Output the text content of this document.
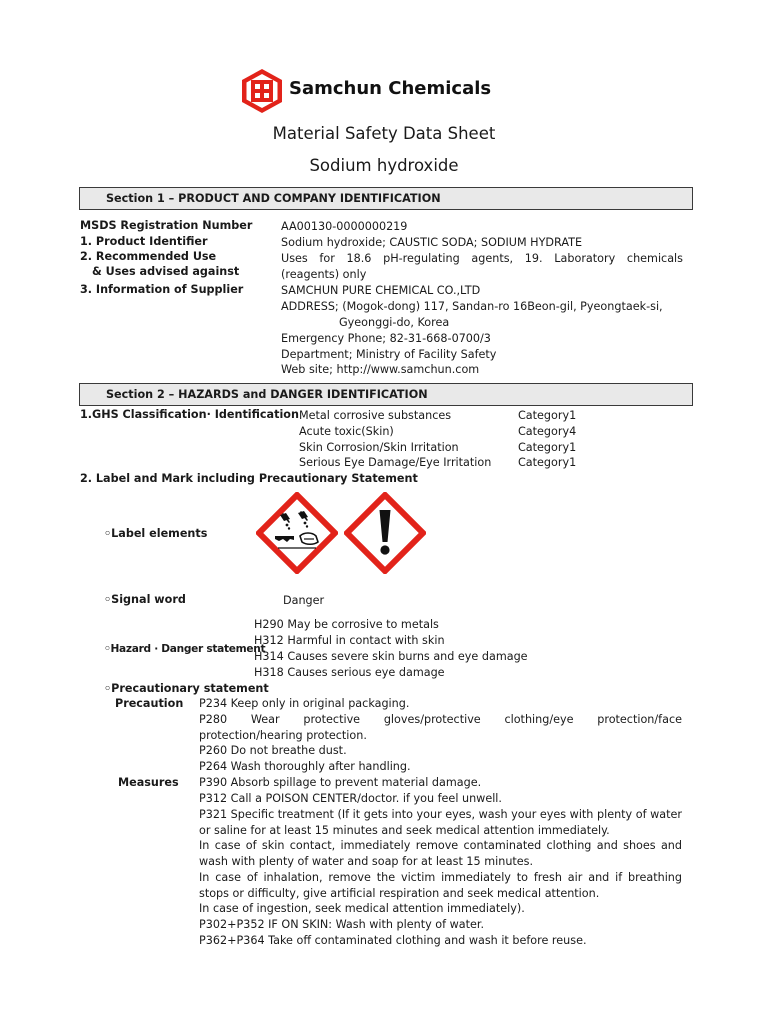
Samchun Chemicals
Material Safety Data Sheet
Sodium hydroxide
Section 1 – PRODUCT AND COMPANY IDENTIFICATION
MSDS Registration Number	AA00130-0000000219
1. Product Identifier	Sodium hydroxide; CAUSTIC SODA; SODIUM HYDRATE
2. Recommended Use
& Uses advised against
Uses for 18.6 pH-regulating agents, 19. Laboratory chemicals (reagents) only
3. Information of Supplier	SAMCHUN PURE CHEMICAL CO.,LTD
ADDRESS; (Mogok-dong) 117, Sandan-ro 16Beon-gil, Pyeongtaek-si,
Gyeonggi-do, Korea
Emergency Phone; 82-31-668-0700/3
Department; Ministry of Facility Safety
Web site; http://www.samchun.com
Section 2 – HAZARDS and DANGER IDENTIFICATION
1.GHS Classification· Identification Metal corrosive substances	Category1
Acute toxic(Skin)	Category4
Skin Corrosion/Skin Irritation	Category1
Serious Eye Damage/Eye Irritation Category1
2. Label and Mark including Precautionary Statement
◦Label elements
◦Signal word	Danger
◦Hazard · Danger statement
H290 May be corrosive to metals
H312 Harmful in contact with skin
H314 Causes severe skin burns and eye damage
H318 Causes serious eye damage
◦Precautionary statement
Precaution P234 Keep only in original packaging.
P280 Wear protective gloves/protective clothing/eye protection/face protection/hearing protection.
P260 Do not breathe dust.
P264 Wash thoroughly after handling.
Measures P390 Absorb spillage to prevent material damage.
P312 Call a POISON CENTER/doctor. if you feel unwell.
P321 Specific treatment (If it gets into your eyes, wash your eyes with plenty of water or saline for at least 15 minutes and seek medical attention immediately.
In case of skin contact, immediately remove contaminated clothing and shoes and wash with plenty of water and soap for at least 15 minutes.
In case of inhalation, remove the victim immediately to fresh air and if breathing stops or difficulty, give artificial respiration and seek medical attention.
In case of ingestion, seek medical attention immediately).
P302+P352 IF ON SKIN: Wash with plenty of water.
P362+P364 Take off contaminated clothing and wash it before reuse.
